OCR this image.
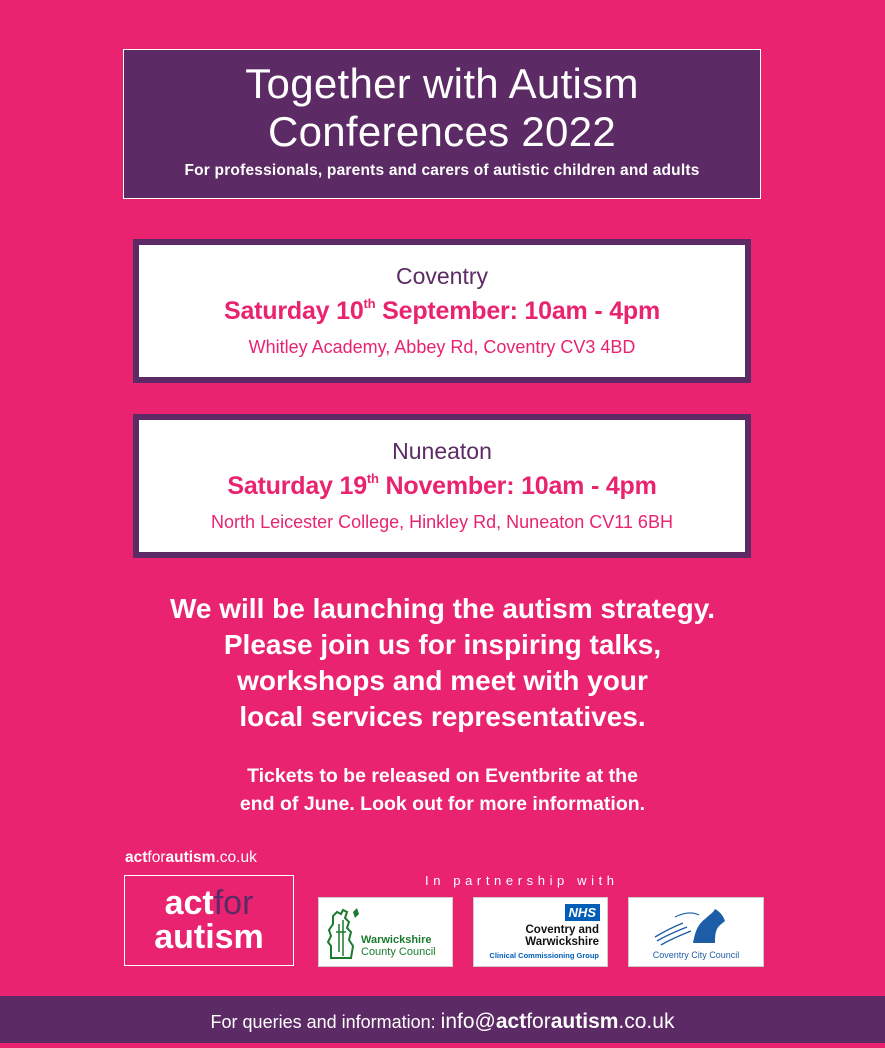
Together with Autism
Conferences 2022
For professionals, parents and carers of autistic children and adults
Coventry
Saturday 10th September: 10am - 4pm
Whitley Academy, Abbey Rd, Coventry CV3 4BD
Nuneaton
Saturday 19th November: 10am - 4pm
North Leicester College, Hinkley Rd, Nuneaton CV11 6BH
We will be launching the autism strategy.
Please join us for inspiring talks,
workshops and meet with your
local services representatives.
Tickets to be released on Eventbrite at the
end of June. Look out for more information.
actforautism.co.uk
actfor
autism
In partnership with
Warwickshire
County Council
NHS
Coventry and
Warwickshire
Clinical Commissioning Group	Coventry City Council
For queries and information: info@actforautism.co.uk
